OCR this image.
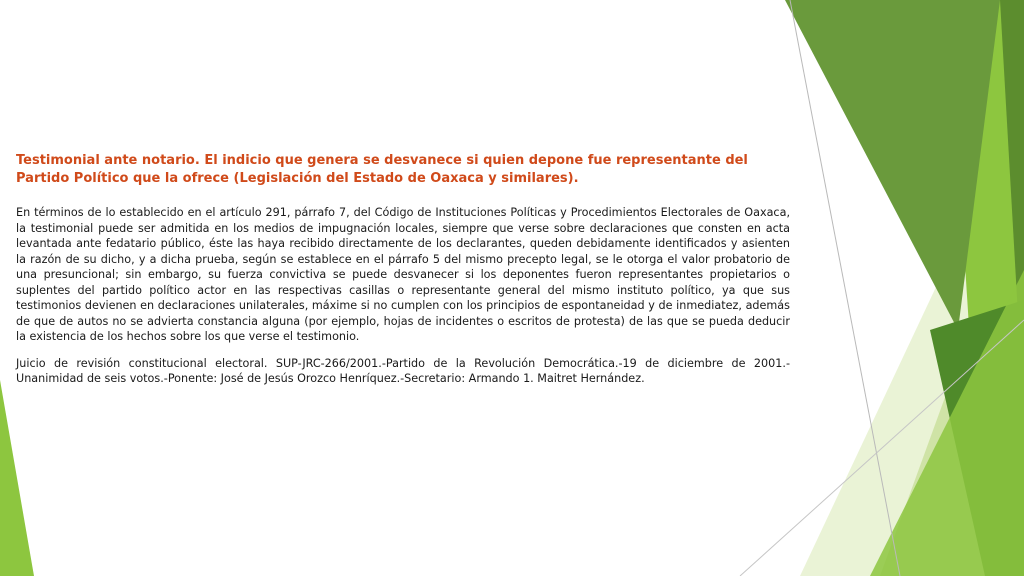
Testimonial ante notario. El indicio que genera se desvanece si quien depone fue representante del Partido Político que la ofrece (Legislación del Estado de Oaxaca y similares).

En términos de lo establecido en el artículo 291, párrafo 7, del Código de Instituciones Políticas y Procedimientos Electorales de Oaxaca, la testimonial puede ser admitida en los medios de impugnación locales, siempre que verse sobre declaraciones que consten en acta levantada ante fedatario público, éste las haya recibido directamente de los declarantes, queden debidamente identificados y asienten la razón de su dicho, y a dicha prueba, según se establece en el párrafo 5 del mismo precepto legal, se le otorga el valor probatorio de una presuncional; sin embargo, su fuerza convictiva se puede desvanecer si los deponentes fueron representantes propietarios o suplentes del partido político actor en las respectivas casillas o representante general del mismo instituto político, ya que sus testimonios devienen en declaraciones unilaterales, máxime si no cumplen con los principios de espontaneidad y de inmediatez, además de que de autos no se advierta constancia alguna (por ejemplo, hojas de incidentes o escritos de protesta) de las que se pueda deducir la existencia de los hechos sobre los que verse el testimonio.

Juicio de revisión constitucional electoral. SUP-JRC-266/2001.-Partido de la Revolución Democrática.-19 de diciembre de 2001.-Unanimidad de seis votos.-Ponente: José de Jesús Orozco Henríquez.-Secretario: Armando 1. Maitret Hernández.
